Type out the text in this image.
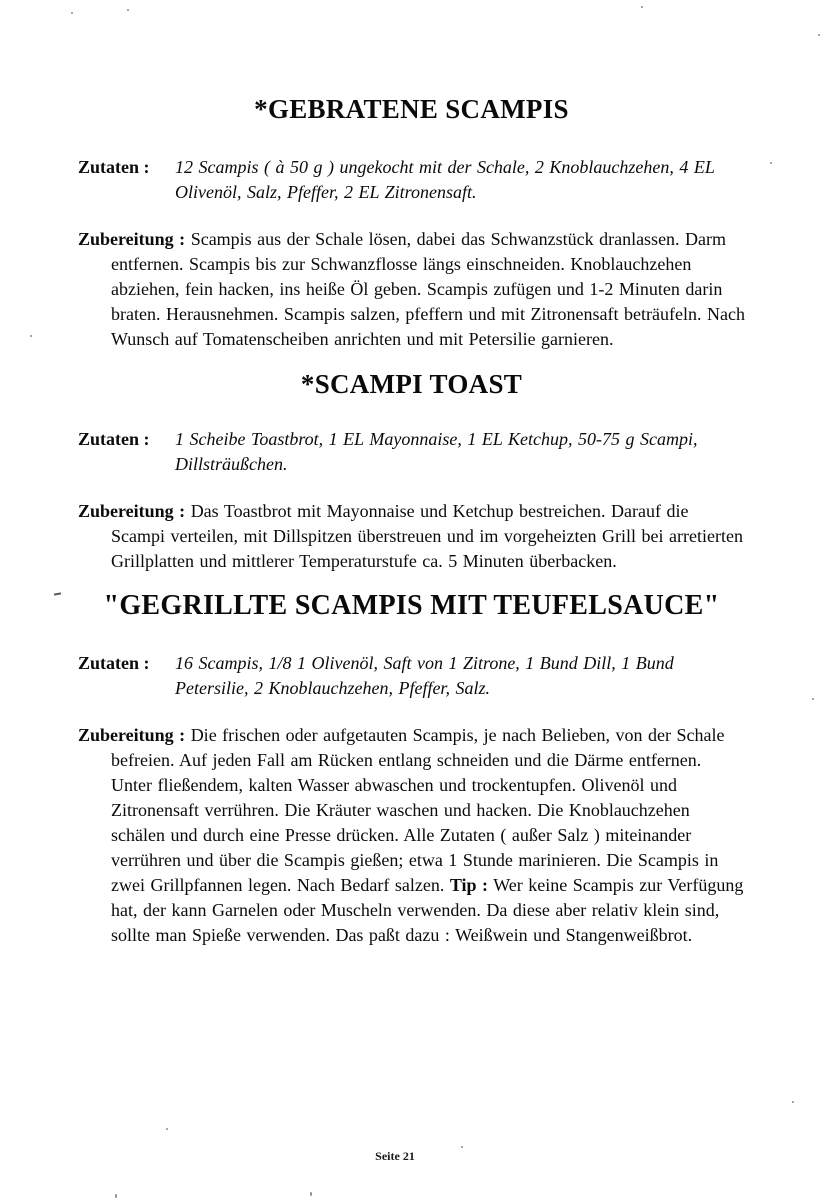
*GEBRATENE SCAMPIS
Zutaten :	12 Scampis ( à 50 g ) ungekocht mit der Schale, 2 Knoblauchzehen, 4 EL Olivenöl, Salz, Pfeffer, 2 EL Zitronensaft.

Zubereitung : Scampis aus der Schale lösen, dabei das Schwanzstück dranlassen. Darm entfernen. Scampis bis zur Schwanzflosse längs einschneiden. Knoblauchzehen abziehen, fein hacken, ins heiße Öl geben. Scampis zufügen und 1-2 Minuten darin braten. Herausnehmen. Scampis salzen, pfeffern und mit Zitronensaft beträufeln. Nach Wunsch auf Tomatenscheiben anrichten und mit Petersilie garnieren.

*SCAMPI TOAST
Zutaten :	1 Scheibe Toastbrot, 1 EL Mayonnaise, 1 EL Ketchup, 50-75 g Scampi, Dillsträußchen.

Zubereitung : Das Toastbrot mit Mayonnaise und Ketchup bestreichen. Darauf die Scampi verteilen, mit Dillspitzen überstreuen und im vorgeheizten Grill bei arretierten Grillplatten und mittlerer Temperaturstufe ca. 5 Minuten überbacken.

"GEGRILLTE SCAMPIS MIT TEUFELSAUCE"
Zutaten :	16 Scampis, 1/8 1 Olivenöl, Saft von 1 Zitrone, 1 Bund Dill, 1 Bund Petersilie, 2 Knoblauchzehen, Pfeffer, Salz.

Zubereitung : Die frischen oder aufgetauten Scampis, je nach Belieben, von der Schale befreien. Auf jeden Fall am Rücken entlang schneiden und die Därme entfernen. Unter fließendem, kalten Wasser abwaschen und trockentupfen. Olivenöl und Zitronensaft verrühren. Die Kräuter waschen und hacken. Die Knoblauchzehen schälen und durch eine Presse drücken. Alle Zutaten ( außer Salz ) miteinander verrühren und über die Scampis gießen; etwa 1 Stunde marinieren. Die Scampis in zwei Grillpfannen legen. Nach Bedarf salzen. Tip : Wer keine Scampis zur Verfügung hat, der kann Garnelen oder Muscheln verwenden. Da diese aber relativ klein sind, sollte man Spieße verwenden. Das paßt dazu : Weißwein und Stangenweißbrot.

Seite 21
